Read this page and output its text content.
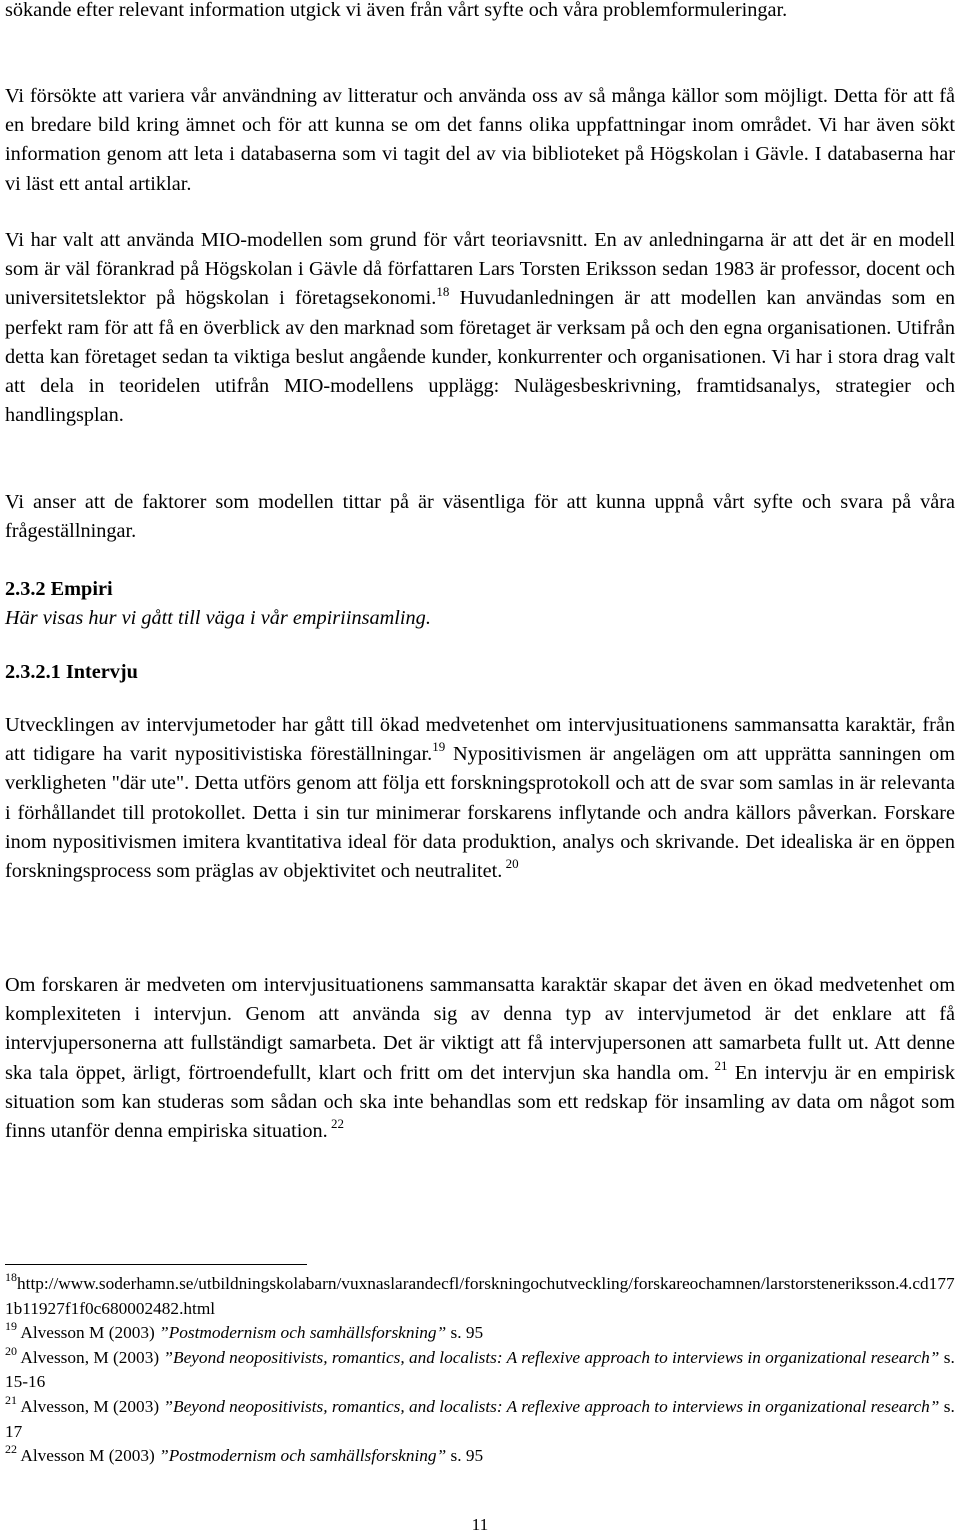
sökande efter relevant information utgick vi även från vårt syfte och våra problemformuleringar.

Vi försökte att variera vår användning av litteratur och använda oss av så många källor som möjligt. Detta för att få en bredare bild kring ämnet och för att kunna se om det fanns olika uppfattningar inom området. Vi har även sökt information genom att leta i databaserna som vi tagit del av via biblioteket på Högskolan i Gävle. I databaserna har vi läst ett antal artiklar.

Vi har valt att använda MIO-modellen som grund för vårt teoriavsnitt. En av anledningarna är att det är en modell som är väl förankrad på Högskolan i Gävle då författaren Lars Torsten Eriksson sedan 1983 är professor, docent och universitetslektor på högskolan i företagsekonomi.$^{18}$ Huvudanledningen är att modellen kan användas som en perfekt ram för att få en överblick av den marknad som företaget är verksam på och den egna organisationen. Utifrån detta kan företaget sedan ta viktiga beslut angående kunder, konkurrenter och organisationen. Vi har i stora drag valt att dela in teoridelen utifrån MIO-modellens upplägg: Nulägesbeskrivning, framtidsanalys, strategier och handlingsplan.

Vi anser att de faktorer som modellen tittar på är väsentliga för att kunna uppnå vårt syfte och svara på våra frågeställningar.

2.3.2 Empiri

Här visas hur vi gått till väga i vår empiriinsamling.

2.3.2.1 Intervju

Utvecklingen av intervjumetoder har gått till ökad medvetenhet om intervjusituationens sammansatta karaktär, från att tidigare ha varit nypositivistiska föreställningar.$^{19}$ Nypositivismen är angelägen om att upprätta sanningen om verkligheten "där ute". Detta utförs genom att följa ett forskningsprotokoll och att de svar som samlas in är relevanta i förhållandet till protokollet. Detta i sin tur minimerar forskarens inflytande och andra källors påverkan. Forskare inom nypositivismen imitera kvantitativa ideal för data produktion, analys och skrivande. Det idealiska är en öppen forskningsprocess som präglas av objektivitet och neutralitet. $^{20}$

Om forskaren är medveten om intervjusituationens sammansatta karaktär skapar det även en ökad medvetenhet om komplexiteten i intervjun. Genom att använda sig av denna typ av intervjumetod är det enklare att få intervjupersonerna att fullständigt samarbeta. Det är viktigt att få intervjupersonen att samarbeta fullt ut. Att denne ska tala öppet, ärligt, förtroendefullt, klart och fritt om det intervjun ska handla om. $^{21}$ En intervju är en empirisk situation som kan studeras som sådan och ska inte behandlas som ett redskap för insamling av data om något som finns utanför denna empiriska situation. $^{22}$

$^{18}$http://www.soderhamn.se/utbildningskolabarn/vuxnaslarandecfl/forskningochutveckling/forskareochamnen/larstorsteneriksson.4.cd1771b11927f1f0c680002482.html

$^{19}$ Alvesson M (2003) ”Postmodernism och samhällsforskning” s. 95

$^{20}$ Alvesson, M (2003) ”Beyond neopositivists, romantics, and localists: A reflexive approach to interviews in organizational research” s. 15-16

$^{21}$ Alvesson, M (2003) ”Beyond neopositivists, romantics, and localists: A reflexive approach to interviews in organizational research” s. 17

$^{22}$ Alvesson M (2003) ”Postmodernism och samhällsforskning” s. 95

11
